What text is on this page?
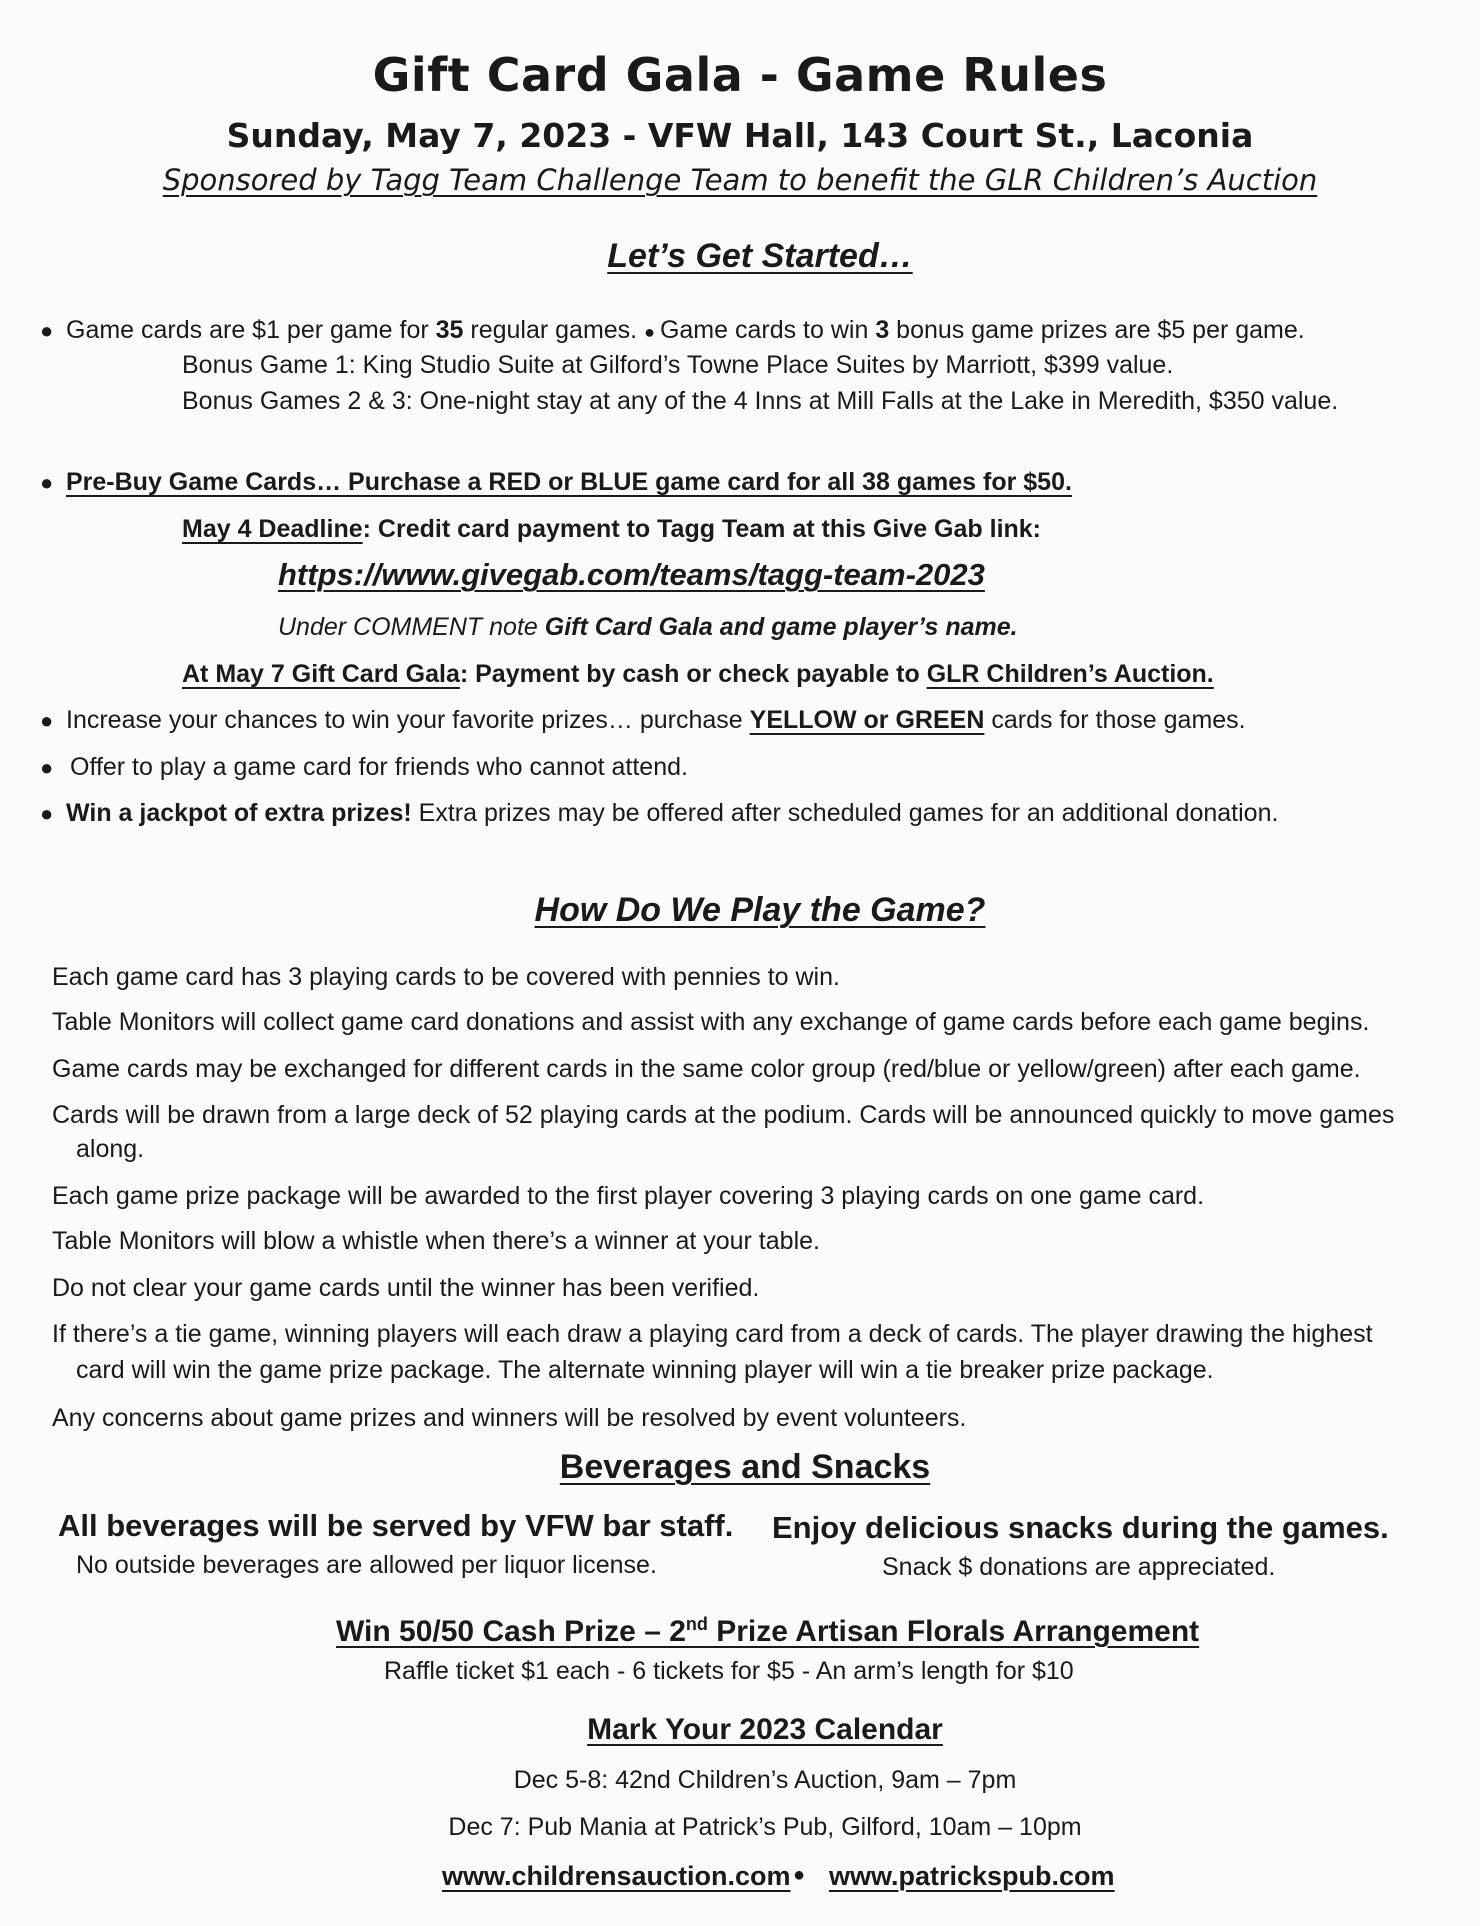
Gift Card Gala - Game Rules
Sunday, May 7, 2023 - VFW Hall, 143 Court St., Laconia
Sponsored by Tagg Team Challenge Team to benefit the GLR Children’s Auction
Let’s Get Started…
● Game cards are $1 per game for 35 regular games. ● Game cards to win 3 bonus game prizes are $5 per game.
Bonus Game 1: King Studio Suite at Gilford’s Towne Place Suites by Marriott, $399 value.
Bonus Games 2 & 3: One-night stay at any of the 4 Inns at Mill Falls at the Lake in Meredith, $350 value.
● Pre-Buy Game Cards… Purchase a RED or BLUE game card for all 38 games for $50.
May 4 Deadline: Credit card payment to Tagg Team at this Give Gab link:
https://www.givegab.com/teams/tagg-team-2023
Under COMMENT note Gift Card Gala and game player’s name.
At May 7 Gift Card Gala: Payment by cash or check payable to GLR Children’s Auction.
● Increase your chances to win your favorite prizes… purchase YELLOW or GREEN cards for those games.
● Offer to play a game card for friends who cannot attend.
● Win a jackpot of extra prizes! Extra prizes may be offered after scheduled games for an additional donation.
How Do We Play the Game?
Each game card has 3 playing cards to be covered with pennies to win.
Table Monitors will collect game card donations and assist with any exchange of game cards before each game begins.
Game cards may be exchanged for different cards in the same color group (red/blue or yellow/green) after each game.
Cards will be drawn from a large deck of 52 playing cards at the podium. Cards will be announced quickly to move games
along.
Each game prize package will be awarded to the first player covering 3 playing cards on one game card.
Table Monitors will blow a whistle when there’s a winner at your table.
Do not clear your game cards until the winner has been verified.
If there’s a tie game, winning players will each draw a playing card from a deck of cards. The player drawing the highest
card will win the game prize package. The alternate winning player will win a tie breaker prize package.
Any concerns about game prizes and winners will be resolved by event volunteers.
Beverages and Snacks
All beverages will be served by VFW bar staff.
No outside beverages are allowed per liquor license.
Enjoy delicious snacks during the games.
Snack $ donations are appreciated.
Win 50/50 Cash Prize – 2nd Prize Artisan Florals Arrangement
Raffle ticket $1 each - 6 tickets for $5 - An arm’s length for $10
Mark Your 2023 Calendar
Dec 5-8: 42nd Children’s Auction, 9am – 7pm
Dec 7: Pub Mania at Patrick’s Pub, Gilford, 10am – 10pm
www.childrensauction.com ● www.patrickspub.com
